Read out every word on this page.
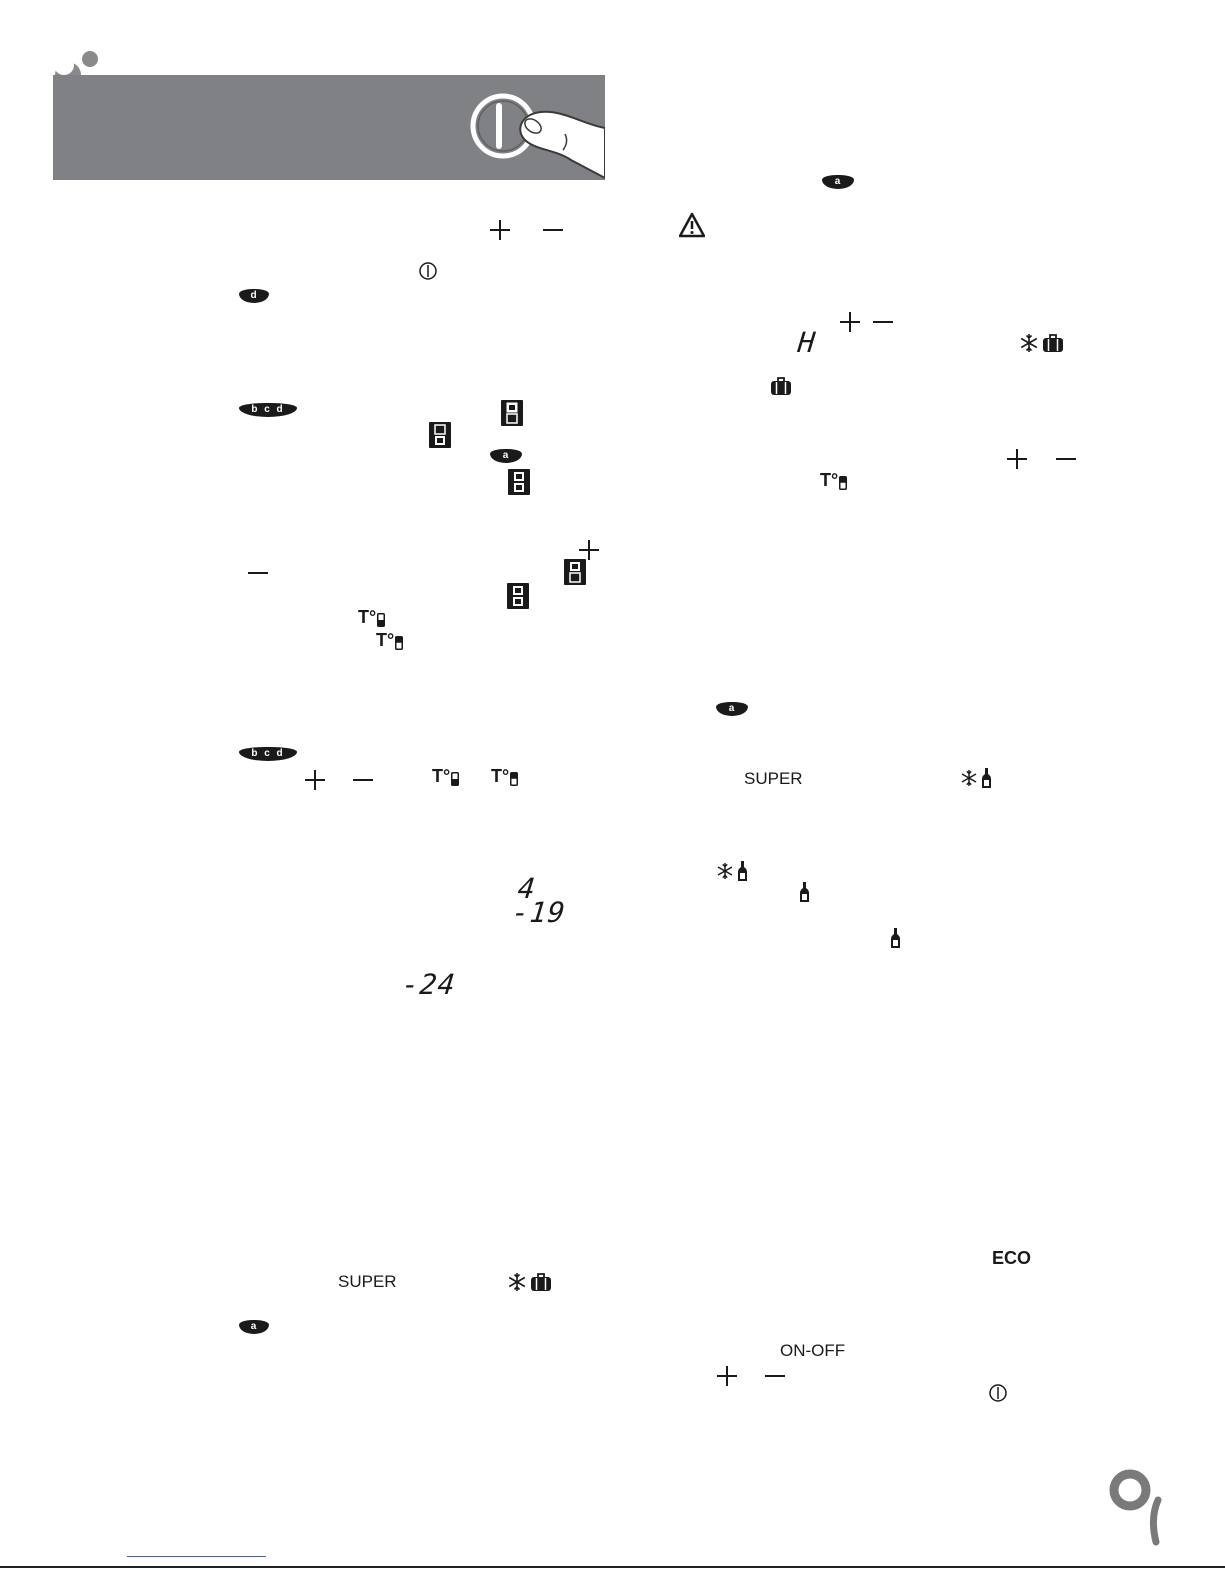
d
b c d
a
T°
T°
b c d
T° T°
4
-19
-24
SUPER
a
a
H
T°
a
SUPER
ECO
ON-OFF
